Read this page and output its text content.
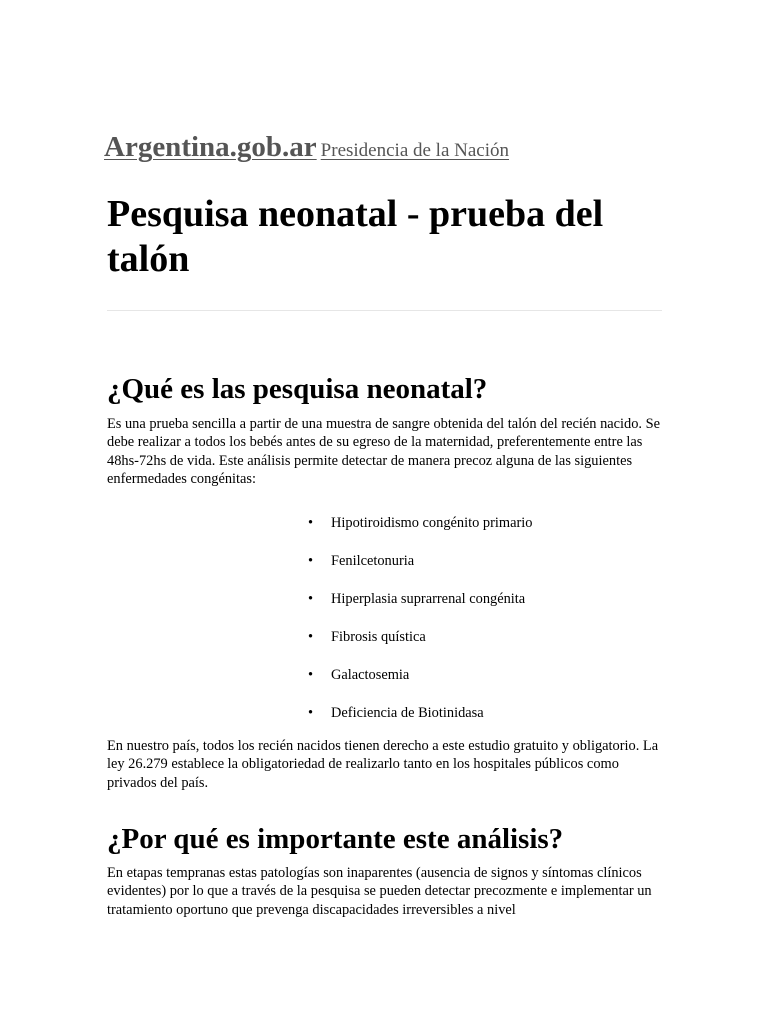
Argentina.gob.ar Presidencia de la Nación
Pesquisa neonatal - prueba del talón
¿Qué es las pesquisa neonatal?

Es una prueba sencilla a partir de una muestra de sangre obtenida del talón del recién nacido. Se debe realizar a todos los bebés antes de su egreso de la maternidad, preferentemente entre las 48hs-72hs de vida. Este análisis permite detectar de manera precoz alguna de las siguientes enfermedades congénitas:

• Hipotiroidismo congénito primario
• Fenilcetonuria
• Hiperplasia suprarrenal congénita
• Fibrosis quística
• Galactosemia
• Deficiencia de Biotinidasa

En nuestro país, todos los recién nacidos tienen derecho a este estudio gratuito y obligatorio. La ley 26.279 establece la obligatoriedad de realizarlo tanto en los hospitales públicos como privados del país.

¿Por qué es importante este análisis?

En etapas tempranas estas patologías son inaparentes (ausencia de signos y síntomas clínicos evidentes) por lo que a través de la pesquisa se pueden detectar precozmente e implementar un tratamiento oportuno que prevenga discapacidades irreversibles a nivel
